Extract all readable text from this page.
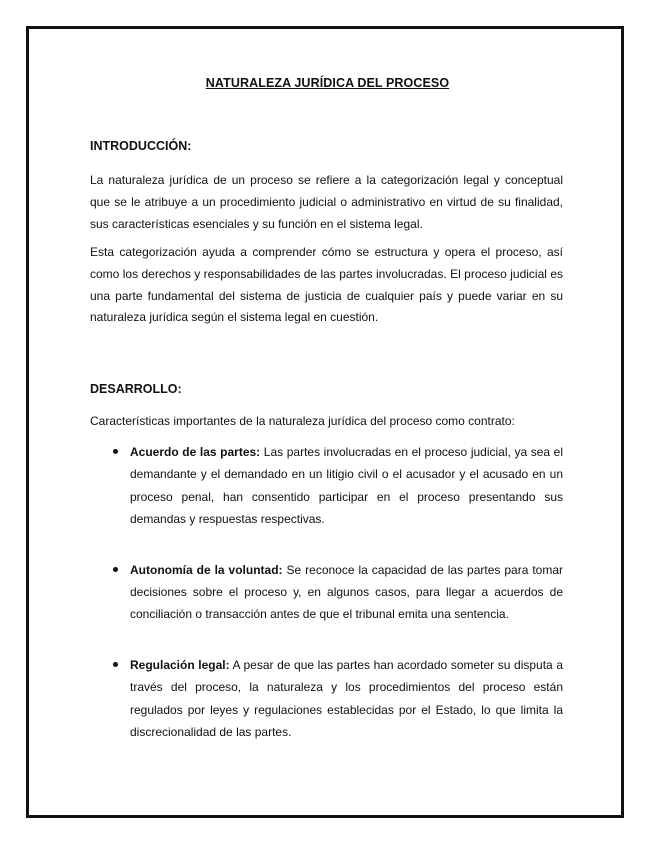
NATURALEZA JURÍDICA DEL PROCESO
INTRODUCCIÓN:
La naturaleza jurídica de un proceso se refiere a la categorización legal y conceptual que se le atribuye a un procedimiento judicial o administrativo en virtud de su finalidad, sus características esenciales y su función en el sistema legal.
Esta categorización ayuda a comprender cómo se estructura y opera el proceso, así como los derechos y responsabilidades de las partes involucradas. El proceso judicial es una parte fundamental del sistema de justicia de cualquier país y puede variar en su naturaleza jurídica según el sistema legal en cuestión.
DESARROLLO:
Características importantes de la naturaleza jurídica del proceso como contrato:
Acuerdo de las partes: Las partes involucradas en el proceso judicial, ya sea el demandante y el demandado en un litigio civil o el acusador y el acusado en un proceso penal, han consentido participar en el proceso presentando sus demandas y respuestas respectivas.
Autonomía de la voluntad: Se reconoce la capacidad de las partes para tomar decisiones sobre el proceso y, en algunos casos, para llegar a acuerdos de conciliación o transacción antes de que el tribunal emita una sentencia.
Regulación legal: A pesar de que las partes han acordado someter su disputa a través del proceso, la naturaleza y los procedimientos del proceso están regulados por leyes y regulaciones establecidas por el Estado, lo que limita la discrecionalidad de las partes.
